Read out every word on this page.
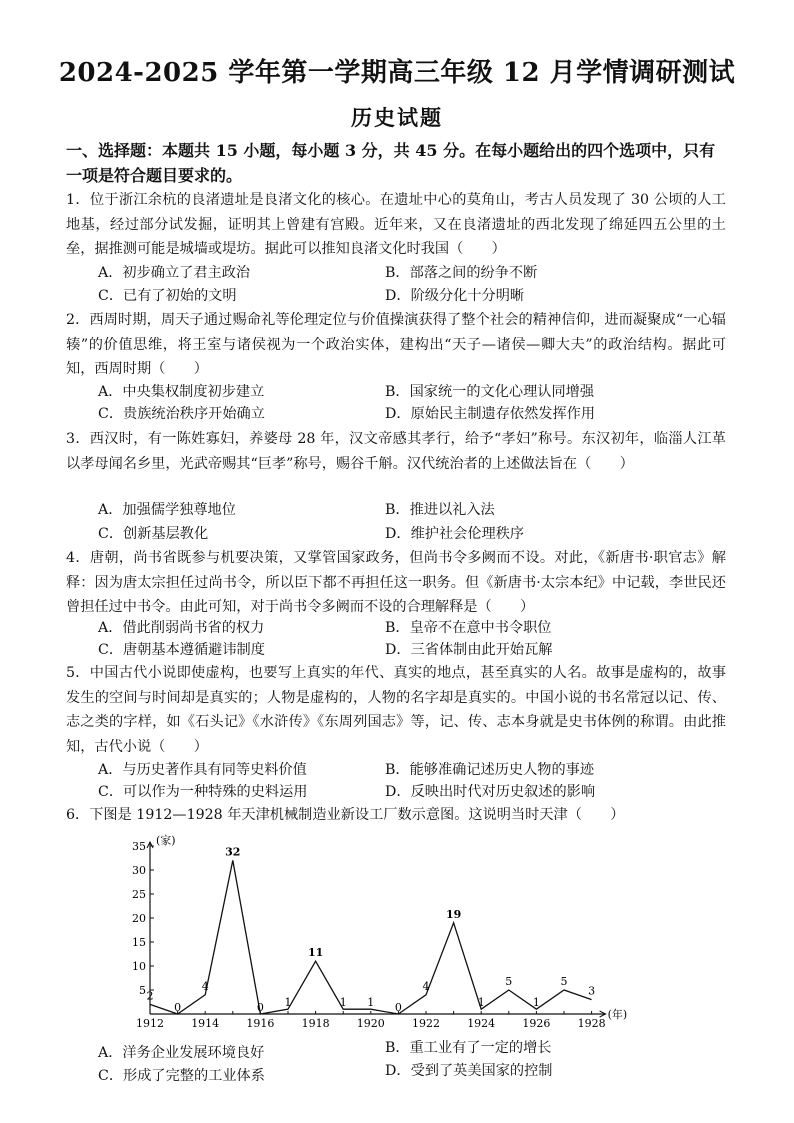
2024-2025 学年第一学期高三年级 12 月学情调研测试
历史试题
一、选择题：本题共 15 小题，每小题 3 分，共 45 分。在每小题给出的四个选项中，只有一项是符合题目要求的。
1．位于浙江余杭的良渚遗址是良渚文化的核心。在遗址中心的莫角山，考古人员发现了 30 公顷的人工地基，经过部分试发掘，证明其上曾建有宫殿。近年来，又在良渚遗址的西北发现了绵延四五公里的土垒，据推测可能是城墙或堤坊。据此可以推知良渚文化时我国（　　）
A．初步确立了君主政治	B．部落之间的纷争不断
C．已有了初始的文明	D．阶级分化十分明晰
2．西周时期，周天子通过赐命礼等伦理定位与价值操演获得了整个社会的精神信仰，进而凝聚成“一心辐辏”的价值思维，将王室与诸侯视为一个政治实体，建构出“天子—诸侯—卿大夫”的政治结构。据此可知，西周时期（　　）
A．中央集权制度初步建立	B．国家统一的文化心理认同增强
C．贵族统治秩序开始确立	D．原始民主制遗存依然发挥作用
3．西汉时，有一陈姓寡妇，养婆母 28 年，汉文帝感其孝行，给予“孝妇”称号。东汉初年，临淄人江革以孝母闻名乡里，光武帝赐其“巨孝”称号，赐谷千斛。汉代统治者的上述做法旨在（　　）
A．加强儒学独尊地位	B．推进以礼入法
C．创新基层教化	D．维护社会伦理秩序
4．唐朝，尚书省既参与机要决策，又掌管国家政务，但尚书令多阙而不设。对此，《新唐书·职官志》解释：因为唐太宗担任过尚书令，所以臣下都不再担任这一职务。但《新唐书·太宗本纪》中记载，李世民还曾担任过中书令。由此可知，对于尚书令多阙而不设的合理解释是（　　）
A．借此削弱尚书省的权力	B．皇帝不在意中书令职位
C．唐朝基本遵循避讳制度	D．三省体制由此开始瓦解
5．中国古代小说即使虚构，也要写上真实的年代、真实的地点，甚至真实的人名。故事是虚构的，故事发生的空间与时间却是真实的；人物是虚构的，人物的名字却是真实的。中国小说的书名常冠以记、传、志之类的字样，如《石头记》《水浒传》《东周列国志》等，记、传、志本身就是史书体例的称谓。由此推知，古代小说（　　）
A．与历史著作具有同等史料价值	B．能够准确记述历史人物的事迹
C．可以作为一种特殊的史料运用	D．反映出时代对历史叙述的影响
6．下图是 1912—1928 年天津机械制造业新设工厂数示意图。这说明当时天津（　　）
(家)
(年)
5
10
15
20
25
30
35
1912 1914 1916 1918 1920 1922 1924 1926 1928
2
0
4
32
0 1
11
1 1 0
4
19
1
5
1
5
3
A．洋务企业发展环境良好	B．重工业有了一定的增长
C．形成了完整的工业体系	D．受到了英美国家的控制
